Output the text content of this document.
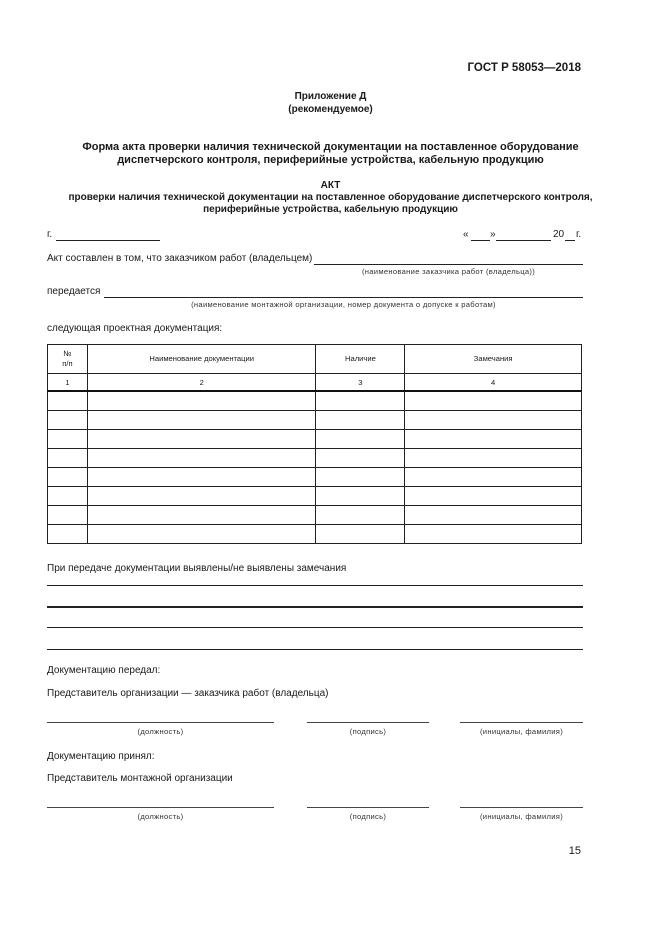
ГОСТ Р 58053—2018
Приложение Д
(рекомендуемое)
Форма акта проверки наличия технической документации на поставленное оборудование
диспетчерского контроля, периферийные устройства, кабельную продукцию
АКТ
проверки наличия технической документации на поставленное оборудование диспетчерского контроля,
периферийные устройства, кабельную продукцию
г.	« »	20 г.
Акт составлен в том, что заказчиком работ (владельцем)
(наименование заказчика работ (владельца))
передается
(наименование монтажной организации, номер документа о допуске к работам)
следующая проектная документация:
№
п/п	Наименование документации	Наличие	Замечания
1	2	3	4

При передаче документации выявлены/не выявлены замечания
Документацию передал:
Представитель организации — заказчика работ (владельца)
(должность)	(подпись)	(инициалы, фамилия)
Документацию принял:
Представитель монтажной организации
(должность)	(подпись)	(инициалы, фамилия)
15
